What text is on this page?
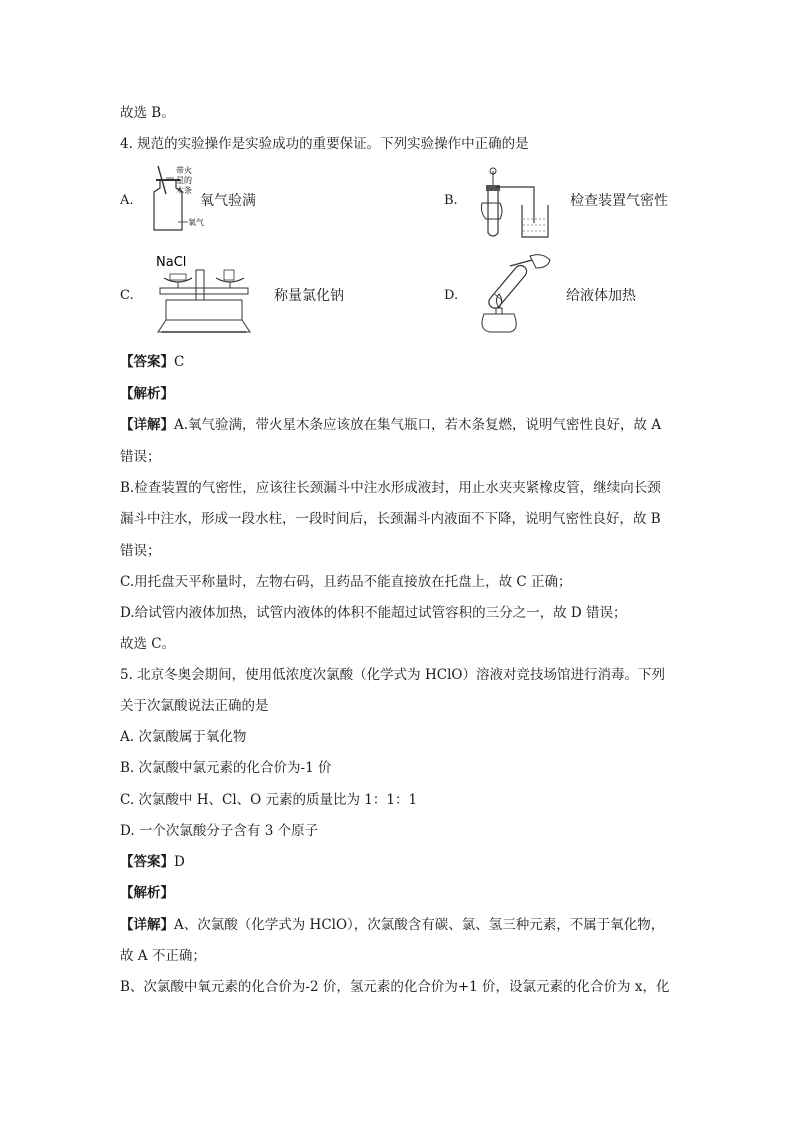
故选 B。
4. 规范的实验操作是实验成功的重要保证。下列实验操作中正确的是
A.
带火
星的
木条
氧气
氧气验满	B.	检查装置气密性
C.
NaCl
称量氯化钠	D.	给液体加热
【答案】C
【解析】
【详解】A.氧气验满，带火星木条应该放在集气瓶口，若木条复燃，说明气密性良好，故 A
错误；
B.检查装置的气密性，应该往长颈漏斗中注水形成液封，用止水夹夹紧橡皮管，继续向长颈
漏斗中注水，形成一段水柱，一段时间后，长颈漏斗内液面不下降，说明气密性良好，故 B
错误；
C.用托盘天平称量时，左物右码，且药品不能直接放在托盘上，故 C 正确；
D.给试管内液体加热，试管内液体的体积不能超过试管容积的三分之一，故 D 错误；
故选 C。
5. 北京冬奥会期间，使用低浓度次氯酸（化学式为 HClO）溶液对竞技场馆进行消毒。下列
关于次氯酸说法正确的是
A. 次氯酸属于氧化物
B. 次氯酸中氯元素的化合价为-1 价
C. 次氯酸中 H、Cl、O 元素的质量比为 1：1：1
D. 一个次氯酸分子含有 3 个原子
【答案】D
【解析】
【详解】A、次氯酸（化学式为 HClO），次氯酸含有碳、氯、氢三种元素，不属于氧化物，
故 A 不正确；
B、次氯酸中氧元素的化合价为-2 价，氢元素的化合价为+1 价，设氯元素的化合价为 x，化
